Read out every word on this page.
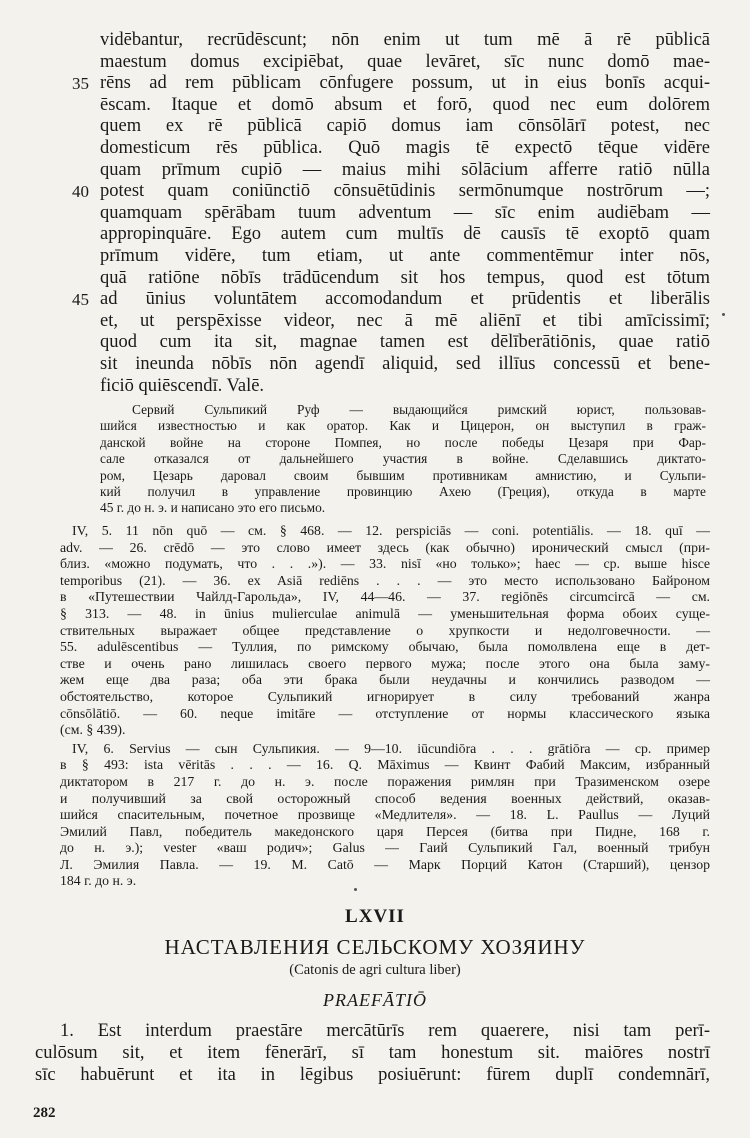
vidēbantur, recrūdēscunt; nōn enim ut tum mē ā rē pūblicā
maestum domus excipiēbat, quae levāret, sīc nunc domō mae-
rēns ad rem pūblicam cōnfugere possum, ut in eius bonīs acqui-
ēscam. Itaque et domō absum et forō, quod nec eum dolōrem
quem ex rē pūblicā capiō domus iam cōnsōlārī potest, nec
domesticum rēs pūblica. Quō magis tē expectō tēque vidēre
quam prīmum cupiō — maius mihi sōlācium afferre ratiō nūlla
potest quam coniūnctiō cōnsuētūdinis sermōnumque nostrōrum —;
quamquam spērābam tuum adventum — sīc enim audiēbam —
appropinquāre. Ego autem cum multīs dē causīs tē exoptō quam
prīmum vidēre, tum etiam, ut ante commentēmur inter nōs,
quā ratiōne nōbīs trādūcendum sit hos tempus, quod est tōtum
ad ūnius voluntātem accomodandum et prūdentis et liberālis
et, ut perspēxisse videor, nec ā mē aliēnī et tibi amīcissimī;
quod cum ita sit, magnae tamen est dēlīberātiōnis, quae ratiō
sit ineunda nōbīs nōn agendī aliquid, sed illīus concessū et bene-
ficiō quiēscendī. Valē.
35
40
45
Сервий Сульпикий Руф — выдающийся римский юрист, пользовав-
шийся известностью и как оратор. Как и Цицерон, он выступил в граж-
данской войне на стороне Помпея, но после победы Цезаря при Фар-
сале отказался от дальнейшего участия в войне. Сделавшись диктато-
ром, Цезарь даровал своим бывшим противникам амнистию, и Сульпи-
кий получил в управление провинцию Ахею (Греция), откуда в марте
45 г. до н. э. и написано это его письмо.
IV, 5. 11 nōn quō — см. § 468. — 12. perspiciās — coni. potentiālis. — 18. quī —
adv. — 26. crēdō — это слово имеет здесь (как обычно) иронический смысл (при-
близ. «можно подумать, что . . .»). — 33. nisī «но только»; haec — ср. выше hisce
temporibus (21). — 36. ex Asiā rediēns . . . — это место использовано Байроном
в «Путешествии Чайлд-Гарольда», IV, 44—46. — 37. regiōnēs circumcircā — см.
§ 313. — 48. in ūnius mulierculae animulā — уменьшительная форма обоих суще-
ствительных выражает общее представление о хрупкости и недолговечности. —
55. adulēscentibus — Туллия, по римскому обычаю, была помолвлена еще в дет-
стве и очень рано лишилась своего первого мужа; после этого она была заму-
жем еще два раза; оба эти брака были неудачны и кончились разводом —
обстоятельство, которое Сульпикий игнорирует в силу требований жанра
cōnsōlātiō. — 60. neque imitāre — отступление от нормы классического языка
(см. § 439).
IV, 6. Servius — сын Сульпикия. — 9—10. iūcundiōra . . . grātiōra — ср. пример
в § 493: ista vēritās . . . — 16. Q. Māximus — Квинт Фабий Максим, избранный
диктатором в 217 г. до н. э. после поражения римлян при Тразименском озере
и получивший за свой осторожный способ ведения военных действий, оказав-
шийся спасительным, почетное прозвище «Медлителя». — 18. L. Paullus — Луций
Эмилий Павл, победитель македонского царя Персея (битва при Пидне, 168 г.
до н. э.); vester «ваш родич»; Galus — Гаий Сульпикий Гал, военный трибун
Л. Эмилия Павла. — 19. M. Catō — Марк Порций Катон (Старший), цензор
184 г. до н. э.
LXVII
НАСТАВЛЕНИЯ СЕЛЬСКОМУ ХОЗЯИНУ
(Catonis de agri cultura liber)
PRAEFĀTIŌ
1. Est interdum praestāre mercātūrīs rem quaerere, nisi tam perī-
culōsum sit, et item fēnerārī, sī tam honestum sit. maiōres nostrī
sīc habuērunt et ita in lēgibus posiuērunt: fūrem duplī condemnārī,
282
